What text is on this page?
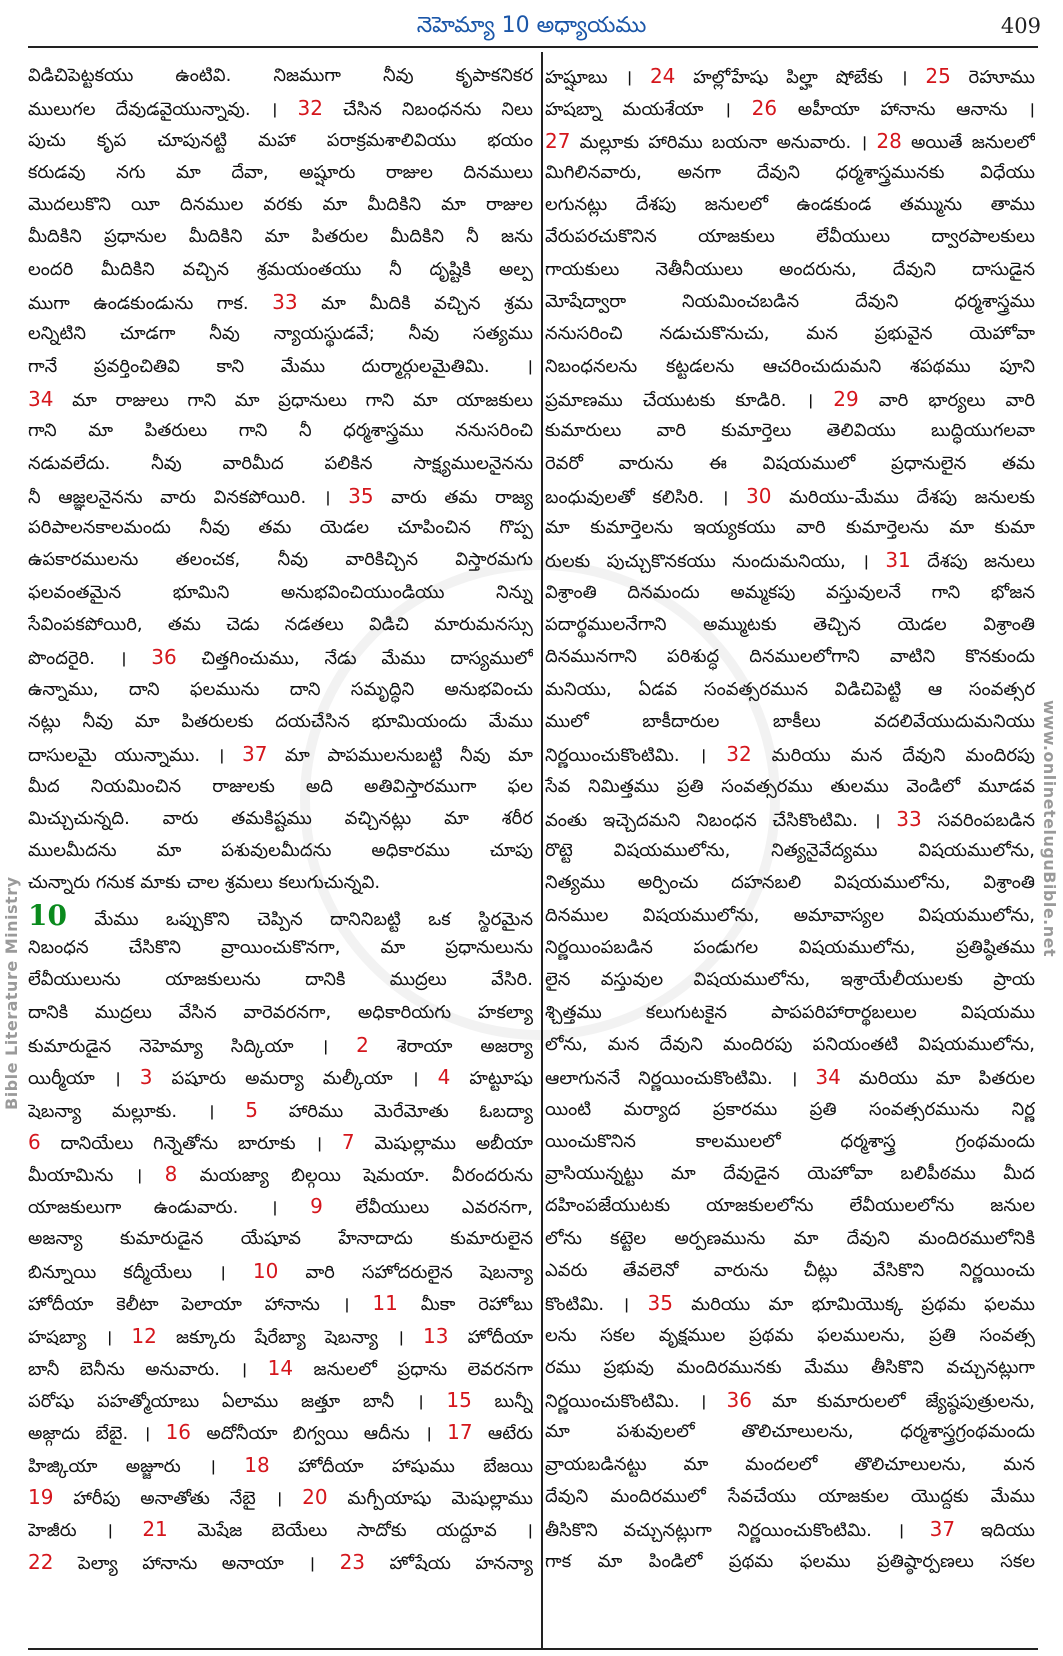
నెహెమ్యా 10 అధ్యాయము	409
Bible Literature Ministry
www.onlineteluguBible.net
విడిచిపెట్టకయు ఉంటివి. నిజముగా నీవు కృపాకనికర
ములుగల దేవుడవైయున్నావు. । 32 చేసిన నిబంధనను నిలు
పుచు కృప చూపునట్టి మహా పరాక్రమశాలివియు భయం
కరుడవు నగు మా దేవా, అష్షూరు రాజుల దినములు
మొదలుకొని యీ దినముల వరకు మా మీదికిని మా రాజుల
మీదికిని ప్రధానుల మీదికిని మా పితరుల మీదికిని నీ జను
లందరి మీదికిని వచ్చిన శ్రమయంతయు నీ దృష్టికి అల్ప
ముగా ఉండకుండును గాక. 33 మా మీదికి వచ్చిన శ్రమ
లన్నిటిని చూడగా నీవు న్యాయస్థుడవే; నీవు సత్యము
గానే ప్రవర్తించితివి కాని మేము దుర్మార్గులమైతిమి. ।
34 మా రాజులు గాని మా ప్రధానులు గాని మా యాజకులు
గాని మా పితరులు గాని నీ ధర్మశాస్త్రము ననుసరించి
నడువలేదు. నీవు వారిమీద పలికిన సాక్ష్యములనైనను
నీ ఆజ్ఞలనైనను వారు వినకపోయిరి. । 35 వారు తమ రాజ్య
పరిపాలనకాలమందు నీవు తమ యెడల చూపించిన గొప్ప
ఉపకారములను తలంచక, నీవు వారికిచ్చిన విస్తారమగు
ఫలవంతమైన భూమిని అనుభవించియుండియు నిన్ను
సేవింపకపోయిరి, తమ చెడు నడతలు విడిచి మారుమనస్సు
పొందరైరి. । 36 చిత్తగించుము, నేడు మేము దాస్యములో
ఉన్నాము, దాని ఫలమును దాని సమృద్ధిని అనుభవించు
నట్లు నీవు మా పితరులకు దయచేసిన భూమియందు మేము
దాసులమై యున్నాము. । 37 మా పాపములనుబట్టి నీవు మా
మీద నియమించిన రాజులకు అది అతివిస్తారముగా ఫల
మిచ్చుచున్నది. వారు తమకిష్టము వచ్చినట్లు మా శరీర
ములమీదను మా పశువులమీదను అధికారము చూపు
చున్నారు గనుక మాకు చాల శ్రమలు కలుగుచున్నవి.
10 మేము ఒప్పుకొని చెప్పిన దానినిబట్టి ఒక స్థిరమైన
నిబంధన చేసికొని వ్రాయించుకొనగా, మా ప్రధానులును
లేవీయులును యాజకులును దానికి ముద్రలు వేసిరి.
దానికి ముద్రలు వేసిన వారెవరనగా, అధికారియగు హకల్యా
కుమారుడైన నెహెమ్యా సిద్కియా । 2 శెరాయా అజర్యా
యిర్మీయా । 3 పషూరు అమర్యా మల్కీయా । 4 హట్టూషు
షెబన్యా మల్లూకు. । 5 హారిము మెరేమోతు ఓబద్యా
6 దానియేలు గిన్నెతోను బారూకు । 7 మెషుల్లాము అబీయా
మీయామిను । 8 మయజ్యా బిల్గయి షెమయా. వీరందరును
యాజకులుగా ఉండువారు. । 9 లేవీయులు ఎవరనగా,
అజన్యా కుమారుడైన యేషూవ హేనాదాదు కుమారులైన
బిన్నూయి కద్మీయేలు । 10 వారి సహోదరులైన షెబన్యా
హోదీయా కెలీటా పెలాయా హానాను । 11 మీకా రెహోబు
హషబ్యా । 12 జక్కూరు షేరేబ్యా షెబన్యా । 13 హోదీయా
బానీ బెనీను అనువారు. । 14 జనులలో ప్రధాను లెవరనగా
పరోషు పహత్మోయాబు ఏలాము జత్తూ బానీ । 15 బున్నీ
అజ్గాదు బేబై. । 16 అదోనీయా బిగ్వయి ఆదీను । 17 ఆటేరు
హిజ్కియా అజ్జూరు । 18 హోదీయా హాషుము బేజయి
19 హారీపు అనాతోతు నేబై । 20 మగ్పీయాషు మెషుల్లాము
హెజీరు । 21 మెషేజ బెయేలు సాదోకు యద్దూవ ।
22 పెల్యా హానాను అనాయా । 23 హోషేయ హనన్యా
హష్షూబు । 24 హల్లోహేషు పిల్హా షోబేకు । 25 రెహూము
హషబ్నా మయశేయా । 26 అహీయా హానాను ఆనాను ।
27 మల్లూకు హారిము బయనా అనువారు. । 28 అయితే జనులలో
మిగిలినవారు, అనగా దేవుని ధర్మశాస్త్రమునకు విధేయు
లగునట్లు దేశపు జనులలో ఉండకుండ తమ్మును తాము
వేరుపరచుకొనిన యాజకులు లేవీయులు ద్వారపాలకులు
గాయకులు నెతీనీయులు అందరును, దేవుని దాసుడైన
మోషేద్వారా నియమించబడిన దేవుని ధర్మశాస్త్రము
ననుసరించి నడుచుకొనుచు, మన ప్రభువైన యెహోవా
నిబంధనలను కట్టడలను ఆచరించుదుమని శపథము పూని
ప్రమాణము చేయుటకు కూడిరి. । 29 వారి భార్యలు వారి
కుమారులు వారి కుమార్తెలు తెలివియు బుద్ధియుగలవా
రెవరో వారును ఈ విషయములో ప్రధానులైన తమ
బంధువులతో కలిసిరి. । 30 మరియు-మేము దేశపు జనులకు
మా కుమార్తెలను ఇయ్యకయు వారి కుమార్తెలను మా కుమా
రులకు పుచ్చుకొనకయు నుందుమనియు, । 31 దేశపు జనులు
విశ్రాంతి దినమందు అమ్మకపు వస్తువులనే గాని భోజన
పదార్థములనేగాని అమ్ముటకు తెచ్చిన యెడల విశ్రాంతి
దినమునగాని పరిశుద్ధ దినములలోగాని వాటిని కొనకుందు
మనియు, ఏడవ సంవత్సరమున విడిచిపెట్టి ఆ సంవత్సర
ములో బాకీదారుల బాకీలు వదలివేయుదుమనియు
నిర్ణయించుకొంటిమి. । 32 మరియు మన దేవుని మందిరపు
సేవ నిమిత్తము ప్రతి సంవత్సరము తులము వెండిలో మూడవ
వంతు ఇచ్చెదమని నిబంధన చేసికొంటిమి. । 33 సవరింపబడిన
రొట్టె విషయములోను, నిత్యనైవేద్యము విషయములోను,
నిత్యము అర్పించు దహనబలి విషయములోను, విశ్రాంతి
దినముల విషయములోను, అమావాస్యల విషయములోను,
నిర్ణయింపబడిన పండుగల విషయములోను, ప్రతిష్ఠితము
లైన వస్తువుల విషయములోను, ఇశ్రాయేలీయులకు ప్రాయ
శ్చిత్తము కలుగుటకైన పాపపరిహారార్థబలుల విషయము
లోను, మన దేవుని మందిరపు పనియంతటి విషయములోను,
ఆలాగుననే నిర్ణయించుకొంటిమి. । 34 మరియు మా పితరుల
యింటి మర్యాద ప్రకారము ప్రతి సంవత్సరమును నిర్ణ
యించుకొనిన కాలములలో ధర్మశాస్త్ర గ్రంథమందు
వ్రాసియున్నట్టు మా దేవుడైన యెహోవా బలిపీఠము మీద
దహింపజేయుటకు యాజకులలోను లేవీయులలోను జనుల
లోను కట్టెల అర్పణమును మా దేవుని మందిరములోనికి
ఎవరు తేవలెనో వారును చీట్లు వేసికొని నిర్ణయించు
కొంటిమి. । 35 మరియు మా భూమియొక్క ప్రథమ ఫలము
లను సకల వృక్షముల ప్రథమ ఫలములను, ప్రతి సంవత్స
రము ప్రభువు మందిరమునకు మేము తీసికొని వచ్చునట్లుగా
నిర్ణయించుకొంటిమి. । 36 మా కుమారులలో జ్యేష్ఠపుత్రులను,
మా పశువులలో తొలిచూలులను, ధర్మశాస్త్రగ్రంథమందు
వ్రాయబడినట్టు మా మందలలో తొలిచూలులను, మన
దేవుని మందిరములో సేవచేయు యాజకుల యొద్దకు మేము
తీసికొని వచ్చునట్లుగా నిర్ణయించుకొంటిమి. । 37 ఇదియు
గాక మా పిండిలో ప్రథమ ఫలము ప్రతిష్ఠార్పణలు సకల
